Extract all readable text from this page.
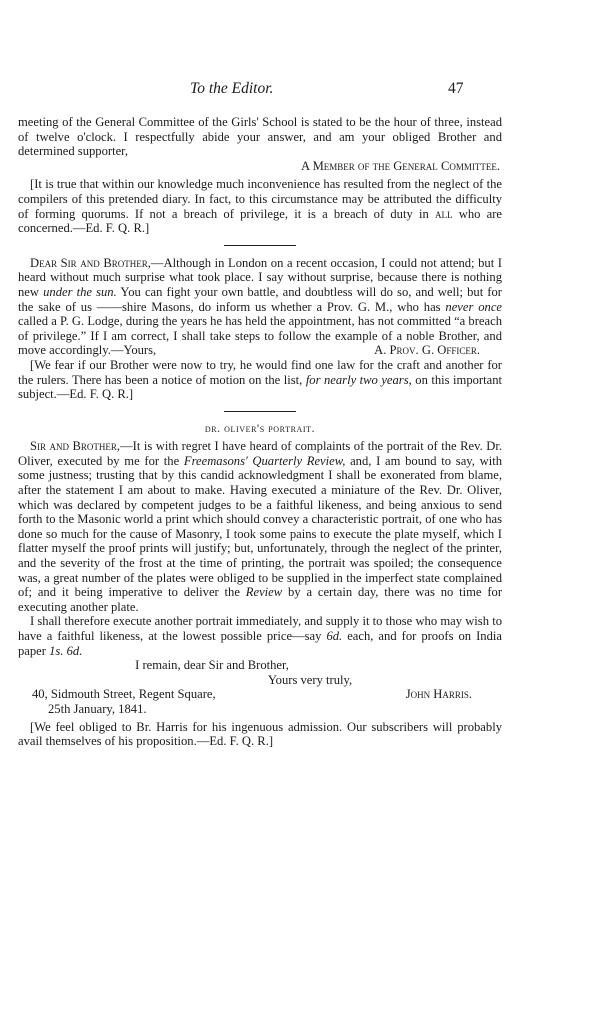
To the Editor.	47

meeting of the General Committee of the Girls' School is stated to be the hour of three, instead of twelve o'clock. I respectfully abide your answer, and am your obliged Brother and determined supporter,

A Member of the General Committee.

[It is true that within our knowledge much inconvenience has resulted from the neglect of the compilers of this pretended diary. In fact, to this circumstance may be attributed the difficulty of forming quorums. If not a breach of privilege, it is a breach of duty in all who are concerned.—Ed. F. Q. R.]

Dear Sir and Brother,—Although in London on a recent occasion, I could not attend; but I heard without much surprise what took place. I say without surprise, because there is nothing new under the sun. You can fight your own battle, and doubtless will do so, and well; but for the sake of us ——shire Masons, do inform us whether a Prov. G. M., who has never once called a P. G. Lodge, during the years he has held the appointment, has not committed “a breach of privilege.” If I am correct, I shall take steps to follow the example of a noble Brother, and move accordingly.—Yours,	A. Prov. G. Officer.

[We fear if our Brother were now to try, he would find one law for the craft and another for the rulers. There has been a notice of motion on the list, for nearly two years, on this important subject.—Ed. F. Q. R.]

dr. oliver's portrait.

Sir and Brother,—It is with regret I have heard of complaints of the portrait of the Rev. Dr. Oliver, executed by me for the Freemasons' Quarterly Review, and, I am bound to say, with some justness; trusting that by this candid acknowledgment I shall be exonerated from blame, after the statement I am about to make. Having executed a miniature of the Rev. Dr. Oliver, which was declared by competent judges to be a faithful likeness, and being anxious to send forth to the Masonic world a print which should convey a characteristic portrait, of one who has done so much for the cause of Masonry, I took some pains to execute the plate myself, which I flatter myself the proof prints will justify; but, unfortunately, through the neglect of the printer, and the severity of the frost at the time of printing, the portrait was spoiled; the consequence was, a great number of the plates were obliged to be supplied in the imperfect state complained of; and it being imperative to deliver the Review by a certain day, there was no time for executing another plate.

I shall therefore execute another portrait immediately, and supply it to those who may wish to have a faithful likeness, at the lowest possible price—say 6d. each, and for proofs on India paper 1s. 6d.

I remain, dear Sir and Brother,

Yours very truly,

40, Sidmouth Street, Regent Square,	John Harris.

25th January, 1841.

[We feel obliged to Br. Harris for his ingenuous admission. Our subscribers will probably avail themselves of his proposition.—Ed. F. Q. R.]
